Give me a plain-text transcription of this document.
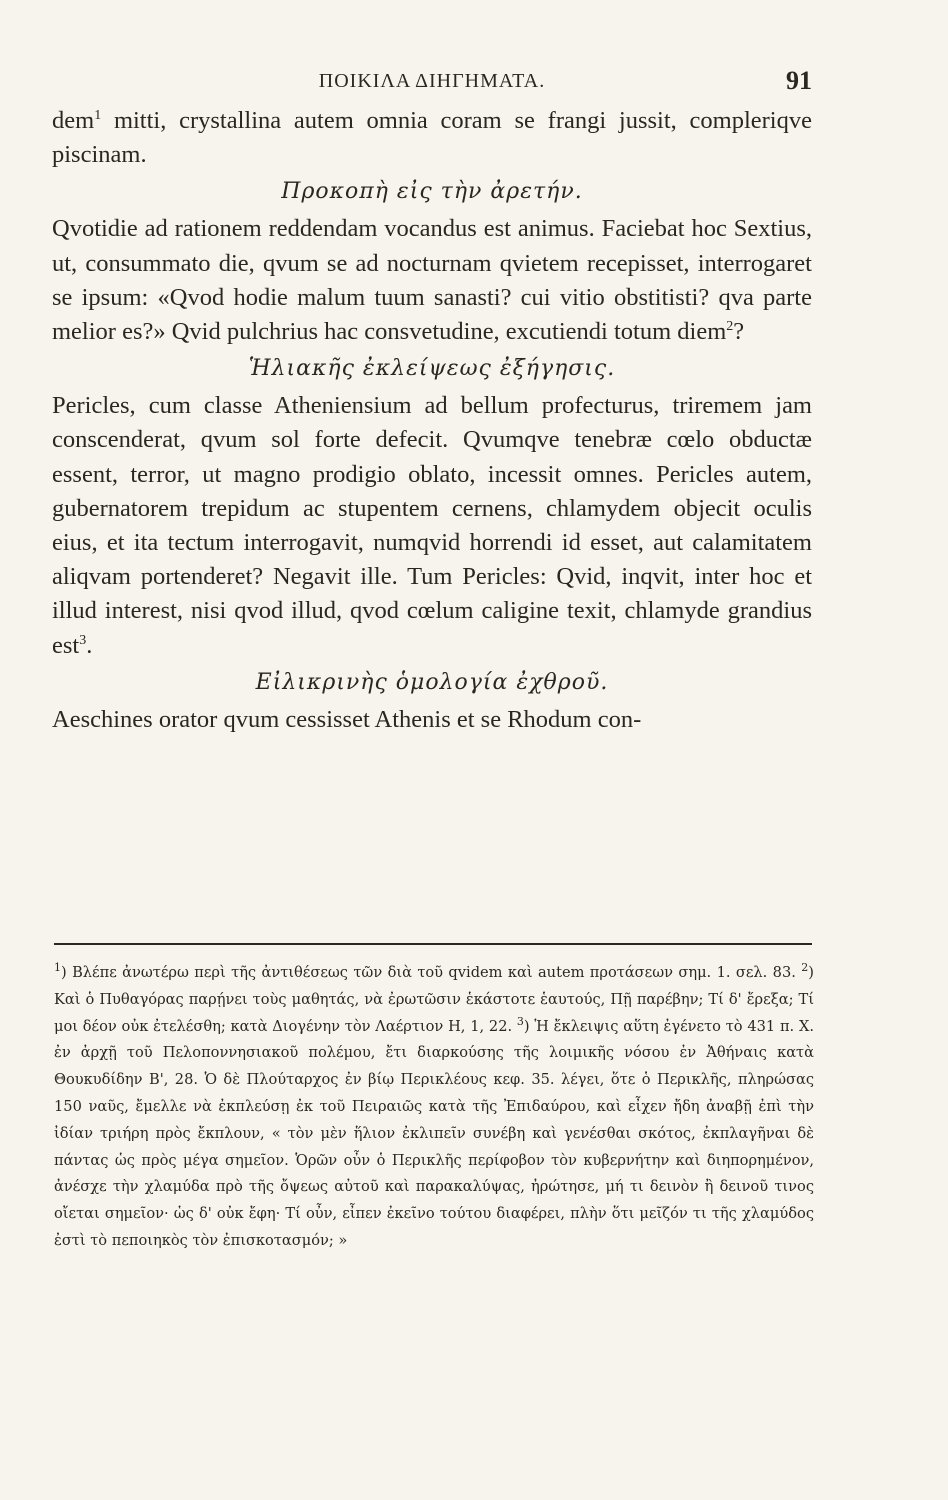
ΠΟΙΚΙΛΑ ΔΙΗΓΗΜΑΤΑ.	91

dem$^1$ mitti, crystallina autem omnia coram se frangi jussit, compleriqve piscinam.

Προκοπὴ εἰς τὴν ἀρετήν.

Qvotidie ad rationem reddendam vocandus est animus. Faciebat hoc Sextius, ut, consummato die, qvum se ad nocturnam qvietem recepisset, interrogaret se ipsum: «Qvod hodie malum tuum sanasti? cui vitio obstitisti? qva parte melior es?» Qvid pulchrius hac consvetudine, excutiendi totum diem$^2$?

Ἡλιακῆς ἐκλείψεως ἐξήγησις.

Pericles, cum classe Atheniensium ad bellum profecturus, triremem jam conscenderat, qvum sol forte defecit. Qvumqve tenebræ cœlo obductæ essent, terror, ut magno prodigio oblato, incessit omnes. Pericles autem, gubernatorem trepidum ac stupentem cernens, chlamydem objecit oculis eius, et ita tectum interrogavit, numqvid horrendi id esset, aut calamitatem aliqvam portenderet? Negavit ille. Tum Pericles: Qvid, inqvit, inter hoc et illud interest, nisi qvod illud, qvod cœlum caligine texit, chlamyde grandius est$^3$.

Εἰλικρινὴς ὁμολογία ἐχθροῦ.

Aeschines orator qvum cessisset Athenis et se Rhodum con-

$^1$) Βλέπε ἀνωτέρω περὶ τῆς ἀντιθέσεως τῶν διὰ τοῦ qvidem καὶ autem προτάσεων σημ. 1. σελ. 83. $^2$) Καὶ ὁ Πυθαγόρας παρῄνει τοὺς μαθητάς, νὰ ἐρωτῶσιν ἑκάστοτε ἑαυτούς, Πῇ παρέβην; Τί δ' ἔρεξα; Τί μοι δέον οὐκ ἐτελέσθη; κατὰ Διογένην τὸν Λαέρτιον Η, 1, 22. $^3$) Ἡ ἔκλειψις αὕτη ἐγένετο τὸ 431 π. Χ. ἐν ἀρχῇ τοῦ Πελοποννησιακοῦ πολέμου, ἔτι διαρκούσης τῆς λοιμικῆς νόσου ἐν Ἀθήναις κατὰ Θουκυδίδην Β', 28. Ὁ δὲ Πλούταρχος ἐν βίῳ Περικλέους κεφ. 35. λέγει, ὅτε ὁ Περικλῆς, πληρώσας 150 ναῦς, ἔμελλε νὰ ἐκπλεύσῃ ἐκ τοῦ Πειραιῶς κατὰ τῆς Ἐπιδαύρου, καὶ εἶχεν ἤδη ἀναβῇ ἐπὶ τὴν ἰδίαν τριήρη πρὸς ἔκπλουν, « τὸν μὲν ἥλιον ἐκλιπεῖν συνέβη καὶ γενέσθαι σκότος, ἐκπλαγῆναι δὲ πάντας ὡς πρὸς μέγα σημεῖον. Ὁρῶν οὖν ὁ Περικλῆς περίφοβον τὸν κυβερνήτην καὶ διηπορημένον, ἀνέσχε τὴν χλαμύδα πρὸ τῆς ὄψεως αὐτοῦ καὶ παρακαλύψας, ἠρώτησε, μή τι δεινὸν ἢ δεινοῦ τινος οἴεται σημεῖον· ὡς δ' οὐκ ἔφη· Τί οὖν, εἶπεν ἐκεῖνο τούτου διαφέρει, πλὴν ὅτι μεῖζόν τι τῆς χλαμύδος ἐστὶ τὸ πεποιηκὸς τὸν ἐπισκοτασμόν; »
